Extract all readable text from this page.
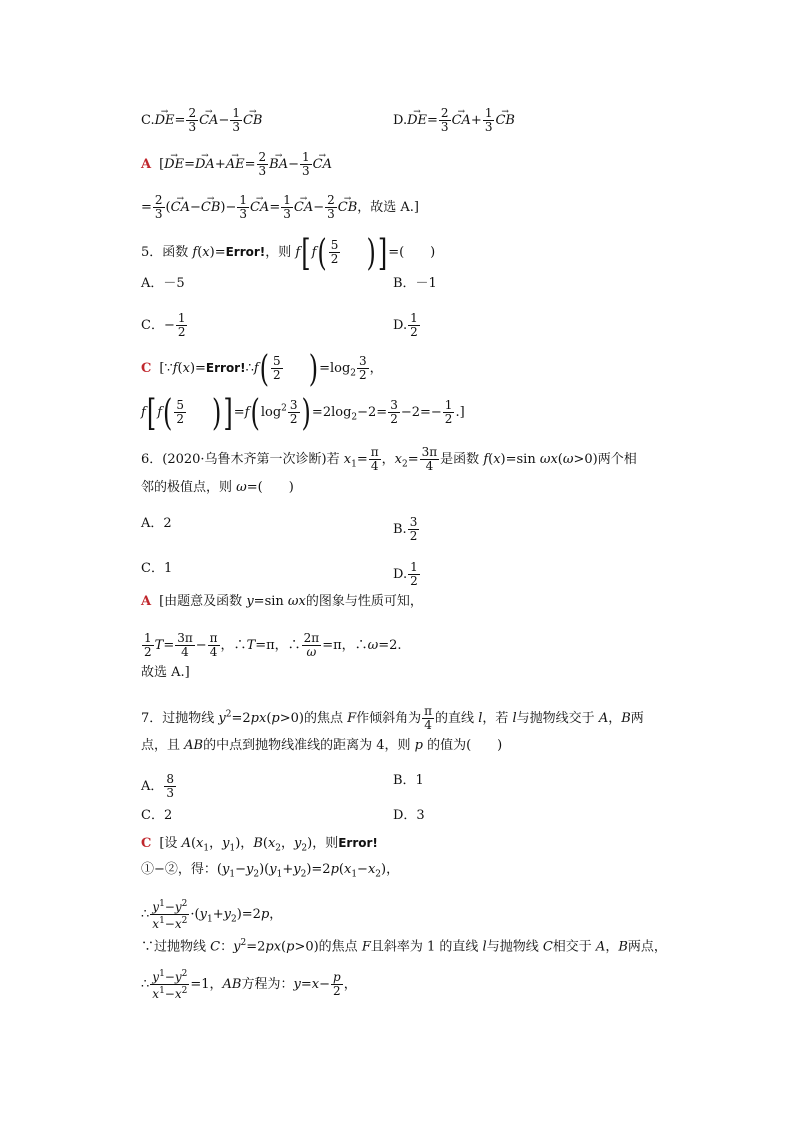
$C.\to DE= \frac{2}{3}$
→ $CA- \frac{1}{3}$
→ CB	$D.\to DE= \frac{2}{3}$
→ $CA+ \frac{1}{3}$
→ CB
A [→ $DE=\to DA+\to AE= \frac{2}{3}$
→ $BA- \frac{1}{3}$
→ CA
= $\frac{2}{3}$ (→ $CA-\to CB)- \frac{1}{3}$
→ $CA= \frac{1}{3}$
→ $CA- \frac{2}{3}$
→ CB，故选 A.]
5．函数 f(x)=Error!，则 $f[f( \frac{5}{2}$ )]=(　　)
A．－5	B．－1
C．− $\frac{1}{2}$	D. $\frac{1}{2}$
C [∵f(x)=Error!∴f( $\frac{5}{2} )=\log_2 \frac{3}{2}$ ，
$f[f( \frac{5}{2} )]=f(\log^2 \frac{3}{2} )=2\log_2-2= \frac{3}{2} -2=- \frac{1}{2}$ .]
6．(2020·乌鲁木齐第一次诊断)若 $x_1= \frac{\pi}{4}$ ，$x_2= \frac{3\pi}{4}$ 是函数 f(x)=sin ωx(ω>0)两个相
邻的极值点，则 ω=(　　)
A．2	B. $\frac{3}{2}$
C．1	D. $\frac{1}{2}$
A [由题意及函数 y=sin ωx的图象与性质可知，
$\frac{1}{2} T= \frac{3\pi}{4} - \frac{\pi}{4}$ ，∴T=π，∴ $\frac{2\pi}{\omega} =\pi$，∴ω=2.
故选 A.]
7．过抛物线 $y^2=2px(p>0)$的焦点 F作倾斜角为 $\frac{\pi}{4}$ 的直线 l，若 l与抛物线交于 A，B两
点，且 AB的中点到抛物线准线的距离为 4，则 p 的值为(　　)
A． $\frac{8}{3}$	B．1
C．2	D．3
C [设 $A(x_1$，$y_1$)，$B(x_2$，$y_2$)，则Error!
①−②，得：$(y_1-y_2)(y_1+y_2)=2p(x_1-x_2)$，
∴ $\frac{y^1-y^2}{x^1-x^2} \cdot(y_1+y_2)=2p$，
∵过抛物线 C：$y^2=2px(p>0)$的焦点 F且斜率为 1 的直线 l与抛物线 C相交于 A，B两点，
∴ $\frac{y^1-y^2}{x^1-x^2} =1$，AB方程为：$y=x- \frac{p}{2}$ ，
